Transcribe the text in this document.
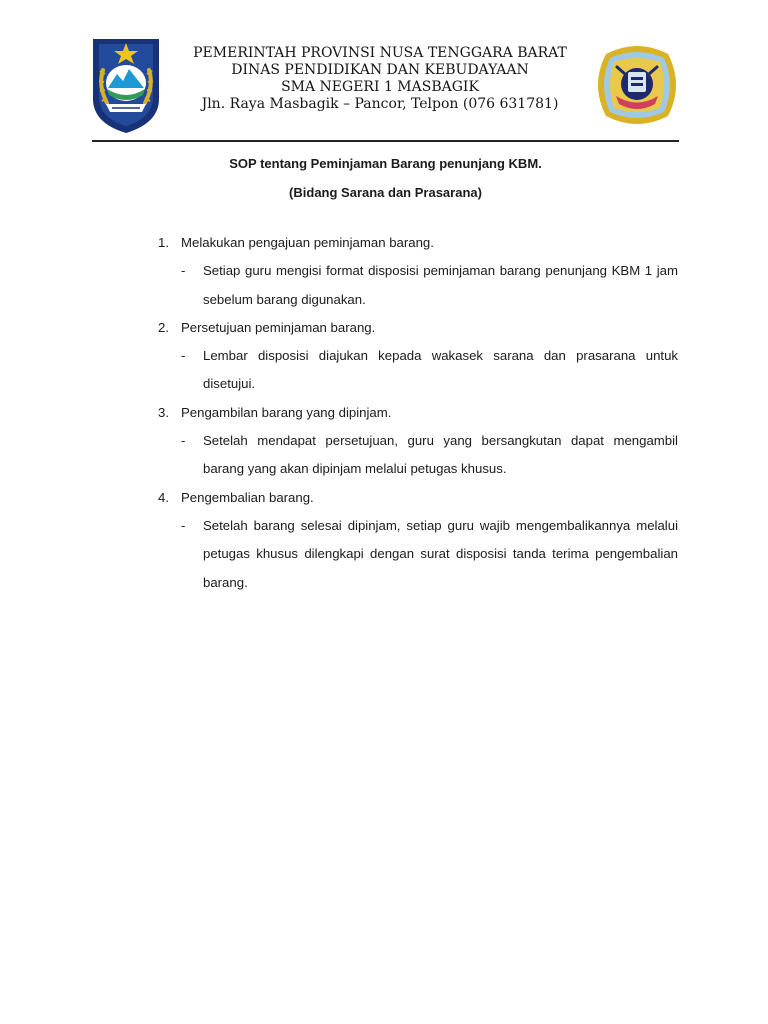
PEMERINTAH PROVINSI NUSA TENGGARA BARAT
DINAS PENDIDIKAN DAN KEBUDAYAAN
SMA NEGERI 1 MASBAGIK
Jln. Raya Masbagik – Pancor, Telpon (076 631781)
SOP tentang Peminjaman Barang penunjang KBM.
(Bidang Sarana dan Prasarana)
1. Melakukan pengajuan peminjaman barang.
- Setiap guru mengisi format disposisi peminjaman barang penunjang KBM 1 jam sebelum barang digunakan.
2. Persetujuan peminjaman barang.
- Lembar disposisi diajukan kepada wakasek sarana dan prasarana untuk disetujui.
3. Pengambilan barang yang dipinjam.
- Setelah mendapat persetujuan, guru yang bersangkutan dapat mengambil barang yang akan dipinjam melalui petugas khusus.
4. Pengembalian barang.
- Setelah barang selesai dipinjam, setiap guru wajib mengembalikannya melalui petugas khusus dilengkapi dengan surat disposisi tanda terima pengembalian barang.
